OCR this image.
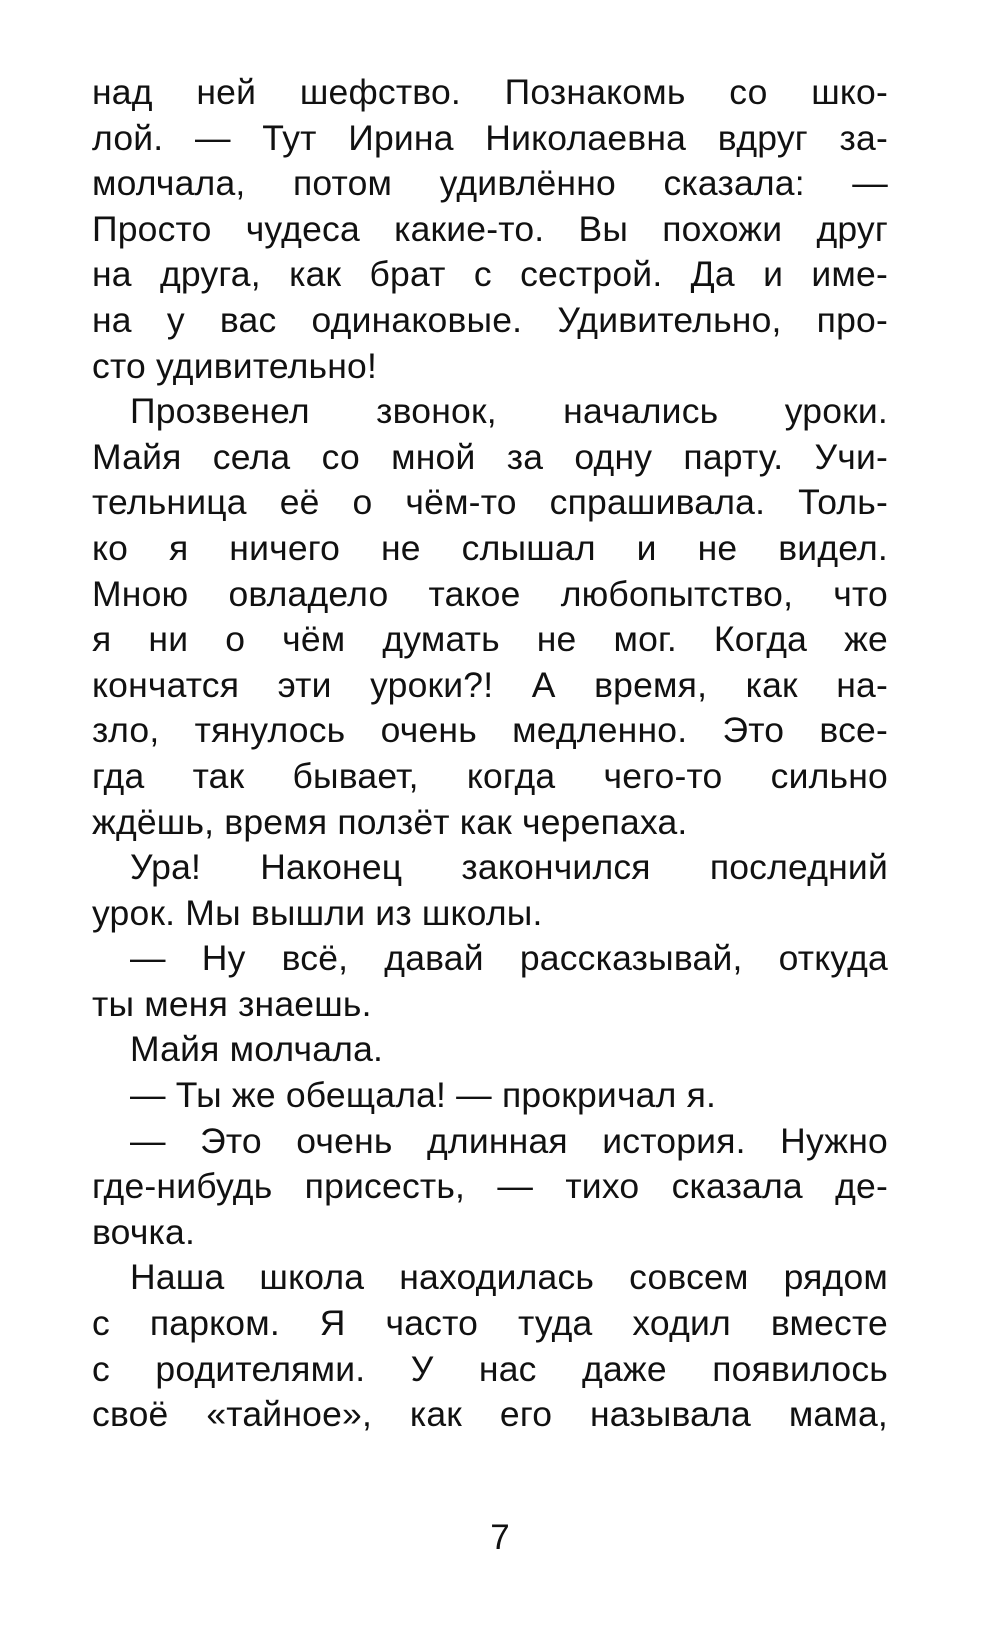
над ней шефство. Познакомь со шко-
лой. — Тут Ирина Николаевна вдруг за-
молчала, потом удивлённо сказала: —
Просто чудеса какие-то. Вы похожи друг
на друга, как брат с сестрой. Да и име-
на у вас одинаковые. Удивительно, про-
сто удивительно!
Прозвенел звонок, начались уроки.
Майя села со мной за одну парту. Учи-
тельница её о чём-то спрашивала. Толь-
ко я ничего не слышал и не видел.
Мною овладело такое любопытство, что
я ни о чём думать не мог. Когда же
кончатся эти уроки?! А время, как на-
зло, тянулось очень медленно. Это все-
гда так бывает, когда чего-то сильно
ждёшь, время ползёт как черепаха.
Ура! Наконец закончился последний
урок. Мы вышли из школы.
— Ну всё, давай рассказывай, откуда
ты меня знаешь.
Майя молчала.
— Ты же обещала! — прокричал я.
— Это очень длинная история. Нужно
где-нибудь присесть, — тихо сказала де-
вочка.
Наша школа находилась совсем рядом
с парком. Я часто туда ходил вместе
с родителями. У нас даже появилось
своё «тайное», как его называла мама,
7
